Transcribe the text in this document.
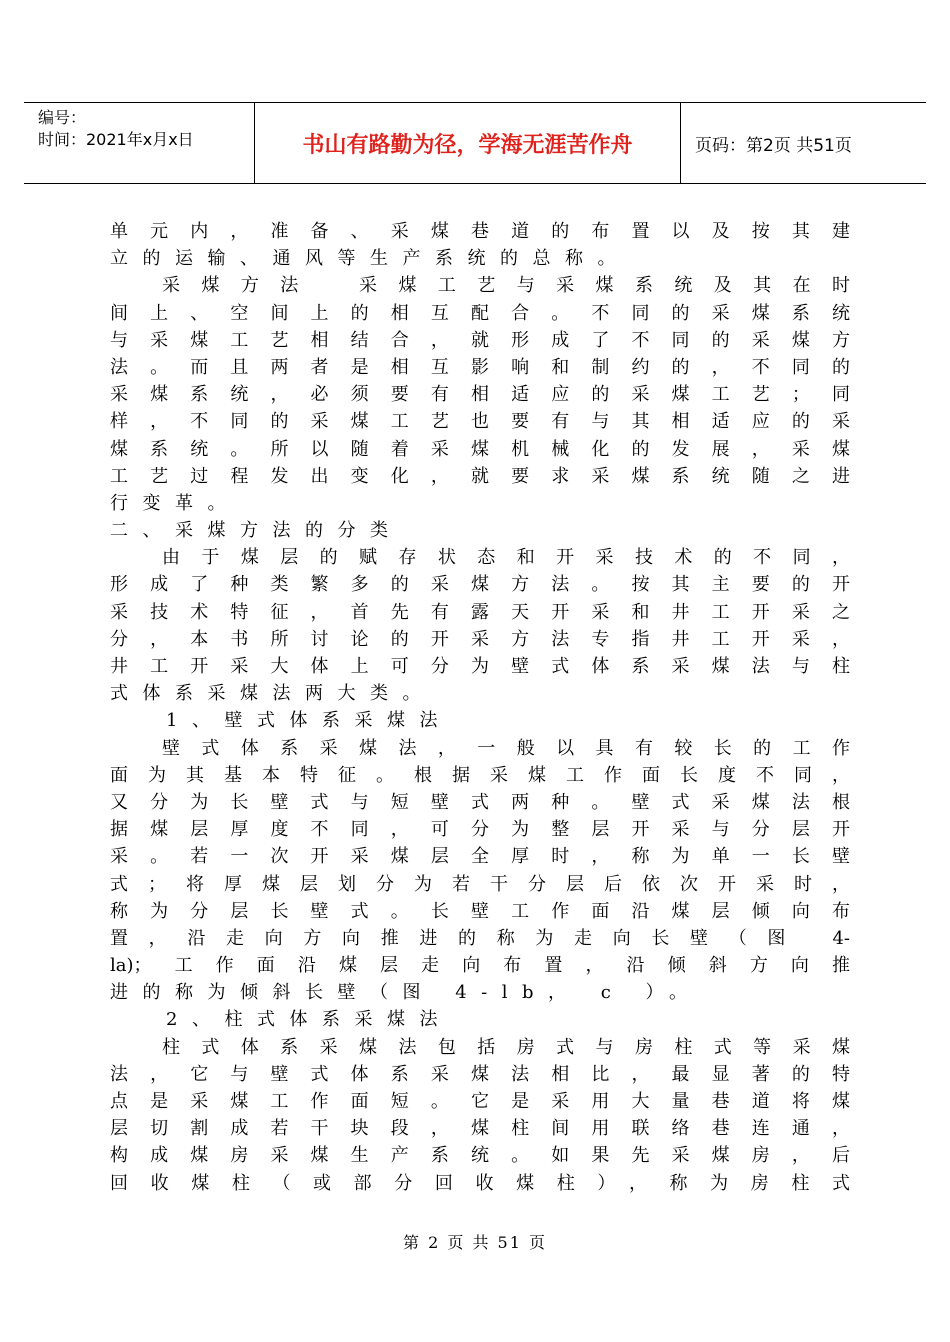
编号：
时间：2021年x月x日	书山有路勤为径，学海无涯苦作舟	页码：第2页 共51页
单元内，准备、采煤巷道的布置以及按其建
立的运输、通风等生产系统的总称。
采煤方法　采煤工艺与采煤系统及其在时
间上、空间上的相互配合。不同的采煤系统
与采煤工艺相结合，就形成了不同的采煤方
法。而且两者是相互影响和制约的，不同的
采煤系统，必须要有相适应的采煤工艺；同
样，不同的采煤工艺也要有与其相适应的采
煤系统。所以随着采煤机械化的发展，采煤
工艺过程发出变化，就要求采煤系统随之进
行变革。
二、采煤方法的分类
由于煤层的赋存状态和开采技术的不同，
形成了种类繁多的采煤方法。按其主要的开
采技术特征，首先有露天开采和井工开采之
分，本书所讨论的开采方法专指井工开采，
井工开采大体上可分为壁式体系采煤法与柱
式体系采煤法两大类。
1、壁式体系采煤法
壁式体系采煤法，一般以具有较长的工作
面为其基本特征。根据采煤工作面长度不同，
又分为长壁式与短壁式两种。壁式采煤法根
据煤层厚度不同，可分为整层开采与分层开
采。若一次开采煤层全厚时，称为单一长壁
式；将厚煤层划分为若干分层后依次开采时，
称为分层长壁式。长壁工作面沿煤层倾向布
置，沿走向方向推进的称为走向长壁（图 4-
la)；工作面沿煤层走向布置，沿倾斜方向推
进的称为倾斜长壁（图 4-lb， c ）。
2、柱式体系采煤法
柱式体系采煤法包括房式与房柱式等采煤
法，它与壁式体系采煤法相比，最显著的特
点是采煤工作面短。它是采用大量巷道将煤
层切割成若干块段，煤柱间用联络巷连通，
构成煤房采煤生产系统。如果先采煤房，后
回收煤柱（或部分回收煤柱），称为房柱式
第 2 页 共 51 页
